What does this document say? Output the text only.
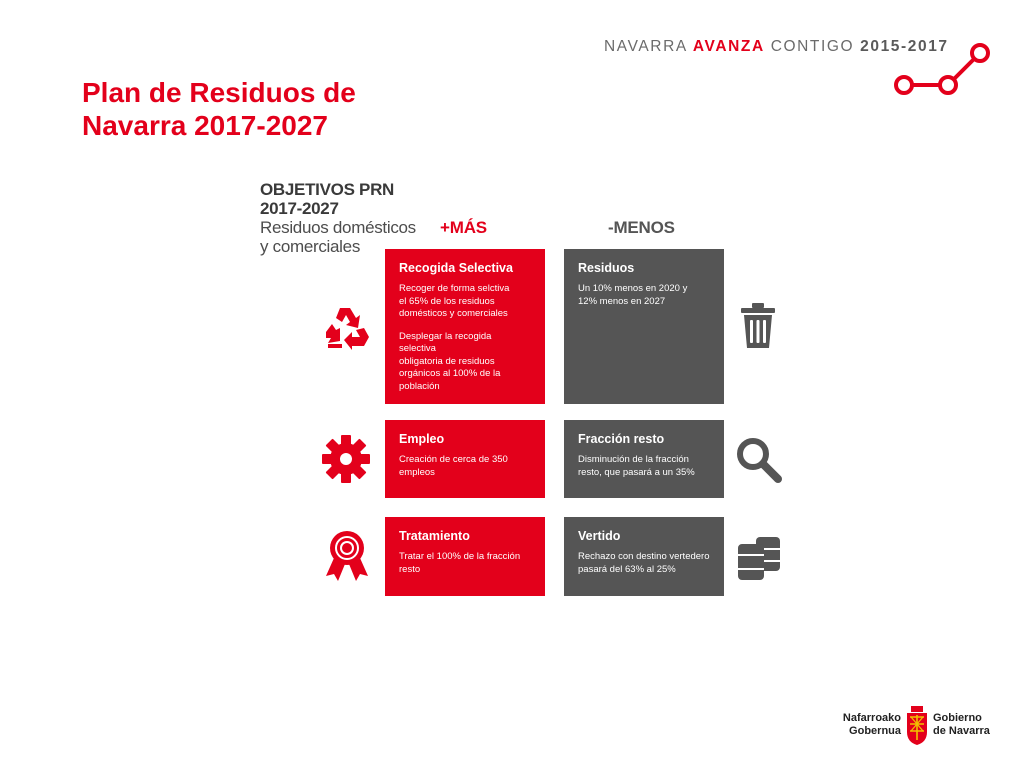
NAVARRA AVANZA CONTIGO 2015-2017
Plan de Residuos de
Navarra 2017-2027
OBJETIVOS PRN
2017-2027
Residuos domésticos
y comerciales
+MÁS	-MENOS
Recogida Selectiva
Recoger de forma selctiva
el 65% de los residuos
domésticos y comerciales
Desplegar la recogida selectiva
obligatoria de residuos
orgánicos al 100% de la
población
Residuos
Un 10% menos en 2020 y
12% menos en 2027
Empleo
Creación de cerca de 350
empleos
Fracción resto
Disminución de la fracción
resto, que pasará a un 35%
Tratamiento
Tratar el 100% de la fracción
resto
Vertido
Rechazo con destino vertedero
pasará del 63% al 25%
Nafarroako
Gobernua
Gobierno
de Navarra
